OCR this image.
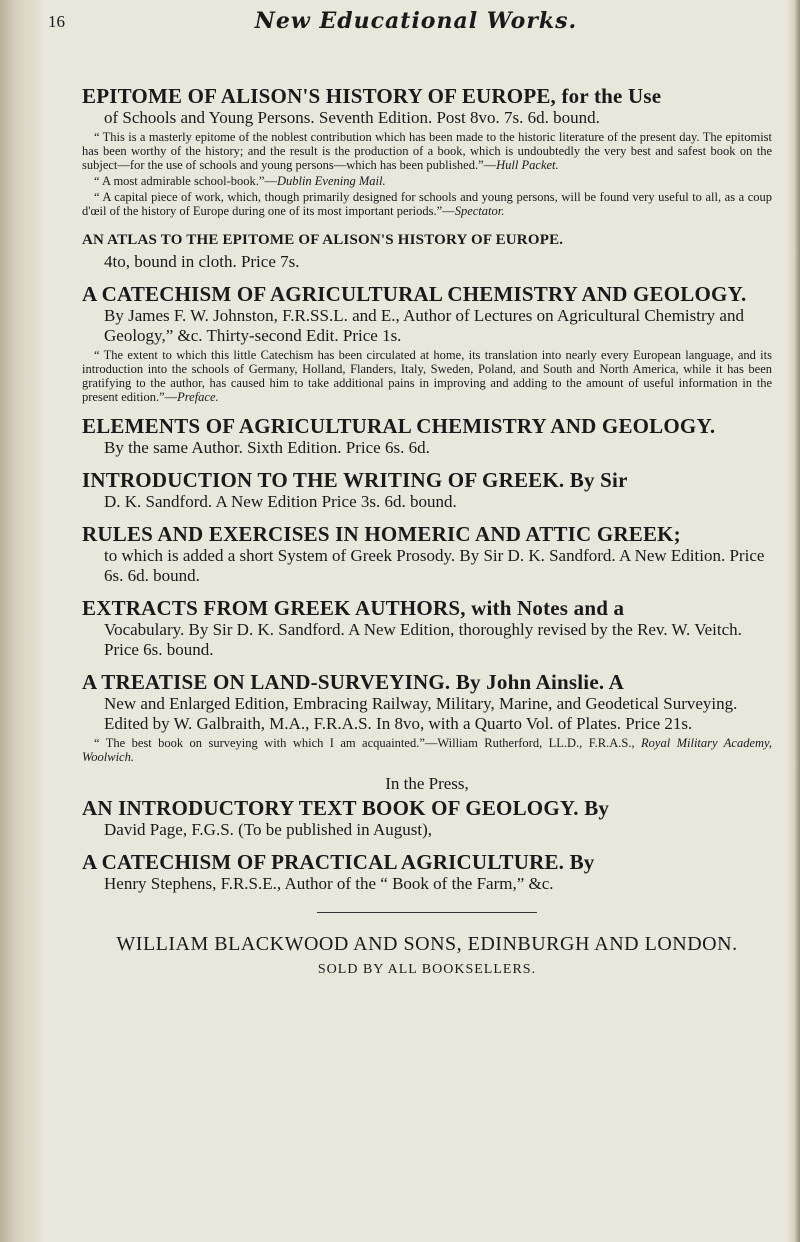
16	New Educational Works.
EPITOME OF ALISON'S HISTORY OF EUROPE, for the Use
of Schools and Young Persons. Seventh Edition. Post 8vo. 7s. 6d. bound.
“ This is a masterly epitome of the noblest contribution which has been made to the historic literature of the present day. The epitomist has been worthy of the history; and the result is the production of a book, which is undoubtedly the very best and safest book on the subject—for the use of schools and young persons—which has been published.”—Hull Packet.
“ A most admirable school-book.”—Dublin Evening Mail.
“ A capital piece of work, which, though primarily designed for schools and young persons, will be found very useful to all, as a coup d'œil of the history of Europe during one of its most important periods.”—Spectator.
AN ATLAS TO THE EPITOME OF ALISON'S HISTORY OF EUROPE.
4to, bound in cloth. Price 7s.
A CATECHISM OF AGRICULTURAL CHEMISTRY AND GEOLOGY.
By James F. W. Johnston, F.R.SS.L. and E., Author of Lectures on Agricultural Chemistry and Geology,” &c. Thirty-second Edit. Price 1s.
“ The extent to which this little Catechism has been circulated at home, its translation into nearly every European language, and its introduction into the schools of Germany, Holland, Flanders, Italy, Sweden, Poland, and South and North America, while it has been gratifying to the author, has caused him to take additional pains in improving and adding to the amount of useful information in the present edition.”—Preface.
ELEMENTS OF AGRICULTURAL CHEMISTRY AND GEOLOGY.
By the same Author. Sixth Edition. Price 6s. 6d.
INTRODUCTION TO THE WRITING OF GREEK. By Sir
D. K. Sandford. A New Edition Price 3s. 6d. bound.
RULES AND EXERCISES IN HOMERIC AND ATTIC GREEK;
to which is added a short System of Greek Prosody. By Sir D. K. Sandford. A New Edition. Price 6s. 6d. bound.
EXTRACTS FROM GREEK AUTHORS, with Notes and a
Vocabulary. By Sir D. K. Sandford. A New Edition, thoroughly revised by the Rev. W. Veitch. Price 6s. bound.
A TREATISE ON LAND-SURVEYING. By John Ainslie. A
New and Enlarged Edition, Embracing Railway, Military, Marine, and Geodetical Surveying. Edited by W. Galbraith, M.A., F.R.A.S. In 8vo, with a Quarto Vol. of Plates. Price 21s.
“ The best book on surveying with which I am acquainted.”—William Rutherford, LL.D., F.R.A.S., Royal Military Academy, Woolwich.
In the Press,
AN INTRODUCTORY TEXT BOOK OF GEOLOGY. By
David Page, F.G.S. (To be published in August),
A CATECHISM OF PRACTICAL AGRICULTURE. By
Henry Stephens, F.R.S.E., Author of the “ Book of the Farm,” &c.
WILLIAM BLACKWOOD AND SONS, EDINBURGH AND LONDON.
SOLD BY ALL BOOKSELLERS.
